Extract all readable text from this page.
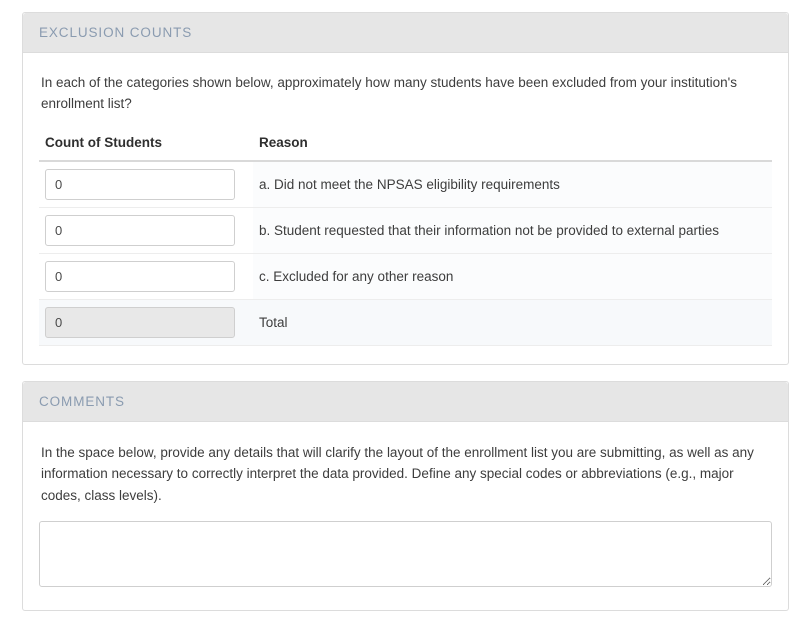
EXCLUSION COUNTS

In each of the categories shown below, approximately how many students have been excluded from your institution's enrollment list?

Count of Students	Reason
0	a. Did not meet the NPSAS eligibility requirements
0	b. Student requested that their information not be provided to external parties
0	c. Excluded for any other reason
0	Total
COMMENTS

In the space below, provide any details that will clarify the layout of the enrollment list you are submitting, as well as any information necessary to correctly interpret the data provided. Define any special codes or abbreviations (e.g., major codes, class levels).
